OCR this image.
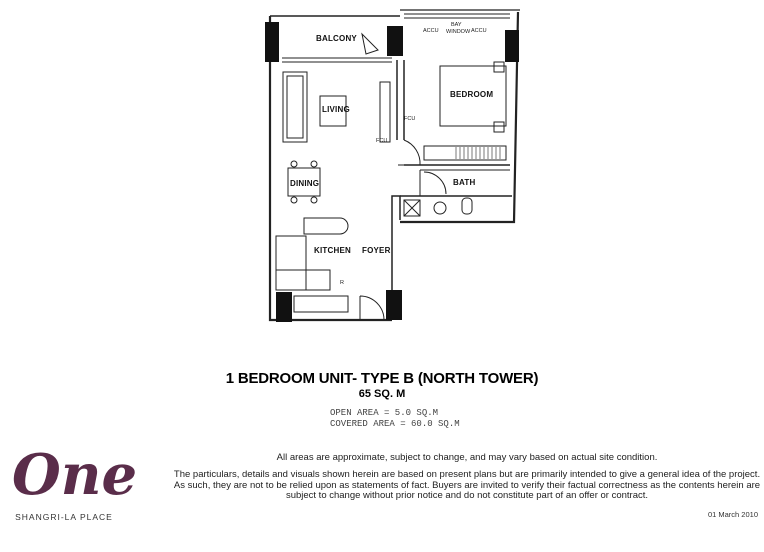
BALCONY
LIVING
BEDROOM
DINING	BATH
KITCHEN FOYER
ACCU
BAY
WINDOW ACCU
FCU
FCU
R
1 BEDROOM UNIT- TYPE B (NORTH TOWER)
65 SQ. M
OPEN AREA = 5.0 SQ.M
COVERED AREA = 60.0 SQ.M
All areas are approximate, subject to change, and may vary based on actual site condition.
The particulars, details and visuals shown herein are based on present plans but are primarily intended to give a general idea of the project. As such, they are not to be relied upon as statements of fact. Buyers are invited to verify their factual correctness as the contents herein are subject to change without prior notice and do not constitute part of an offer or contract.
01 March 2010
One
SHANGRI-LA PLACE
